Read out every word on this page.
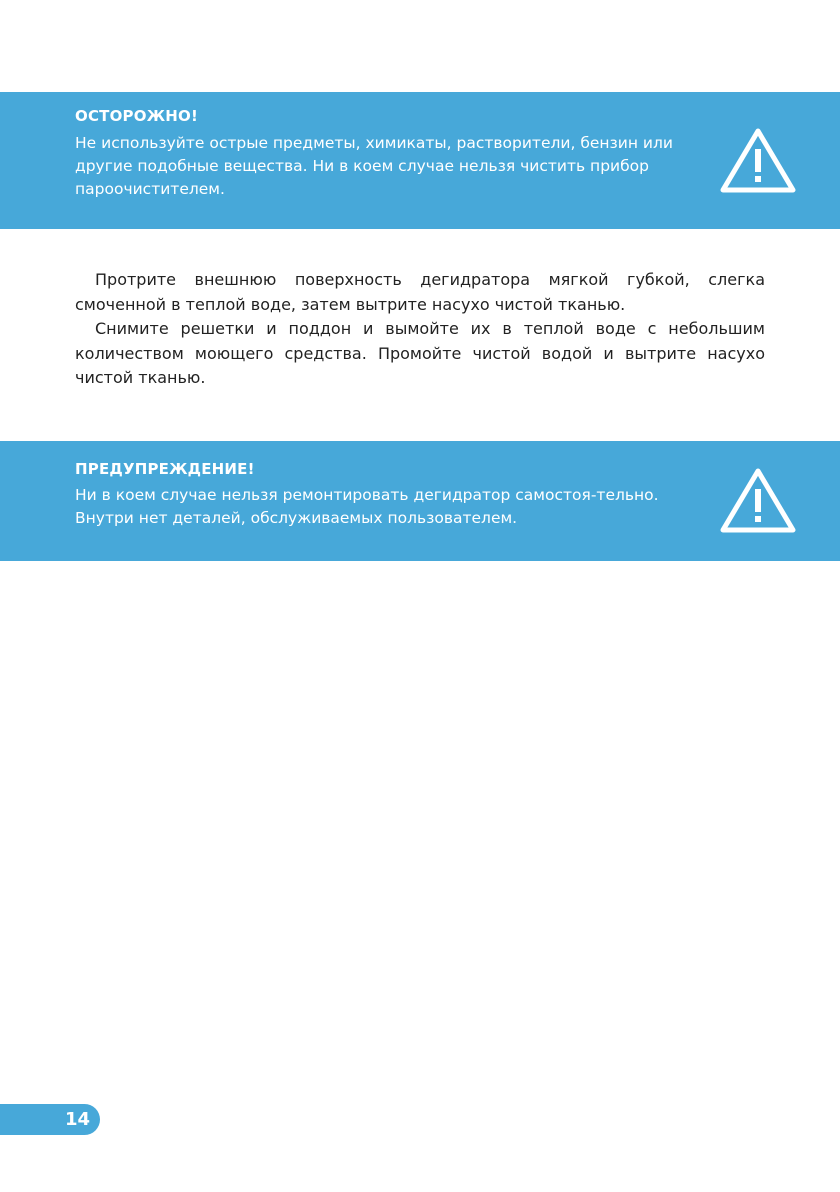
ОСТОРОЖНО!
Не используйте острые предметы, химикаты, растворители, бензин или другие подобные вещества. Ни в коем случае нельзя чистить прибор пароочистителем.

Протрите внешнюю поверхность дегидратора мягкой губкой, слегка смоченной в теплой воде, затем вытрите насухо чистой тканью.

Снимите решетки и поддон и вымойте их в теплой воде с небольшим количеством моющего средства. Промойте чистой водой и вытрите насухо чистой тканью.

ПРЕДУПРЕЖДЕНИЕ!
Ни в коем случае нельзя ремонтировать дегидратор самостоя-тельно. Внутри нет деталей, обслуживаемых пользователем.
14
